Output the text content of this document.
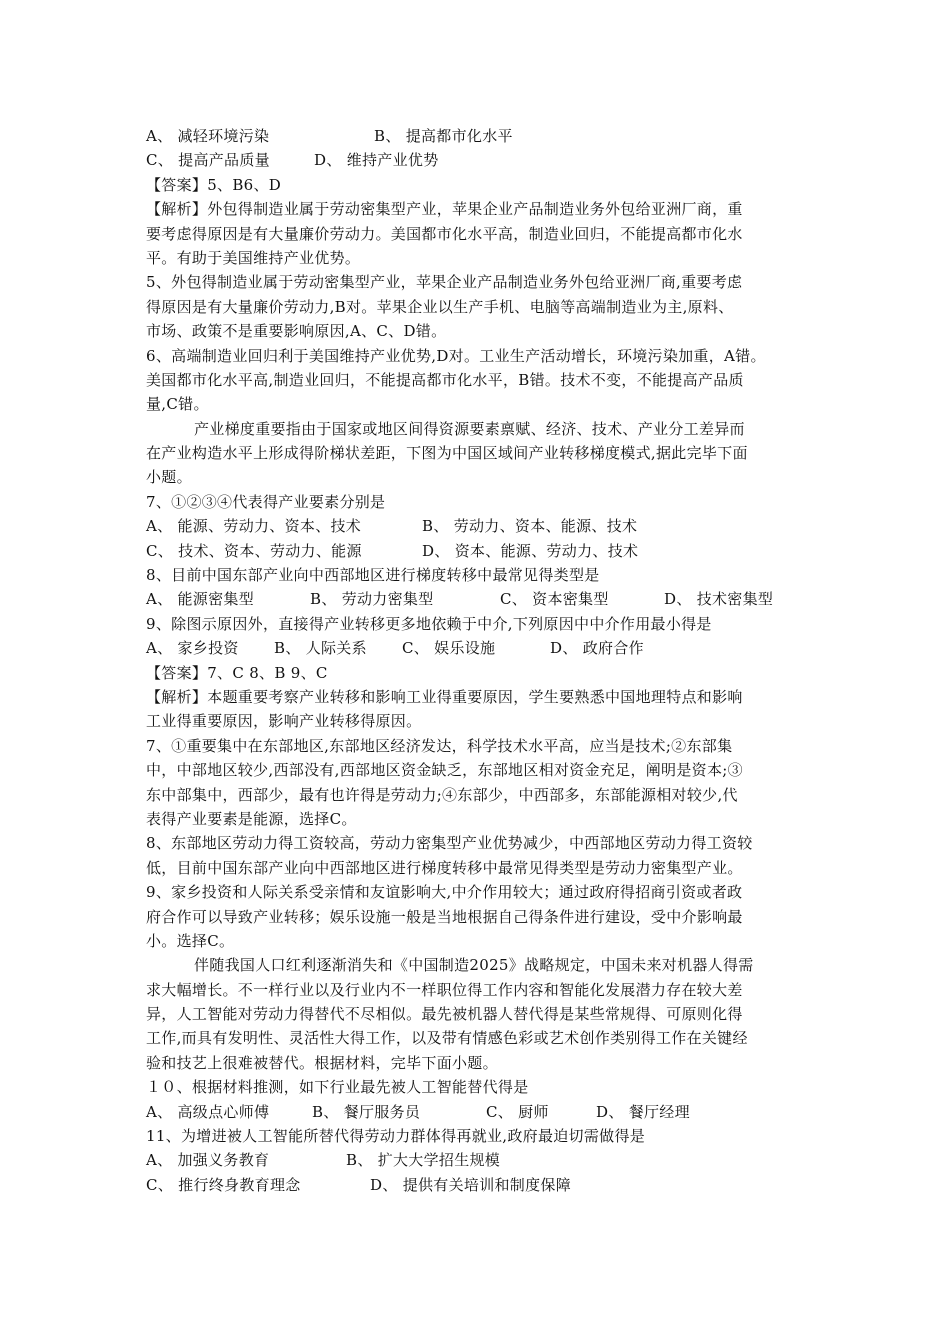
A、 减轻环境污染	B、 提高都市化水平
C、 提高产品质量	D、 维持产业优势
【答案】5、B6、D
【解析】外包得制造业属于劳动密集型产业，苹果企业产品制造业务外包给亚洲厂商，重
要考虑得原因是有大量廉价劳动力。美国都市化水平高，制造业回归，不能提高都市化水
平。有助于美国维持产业优势。
5、外包得制造业属于劳动密集型产业，苹果企业产品制造业务外包给亚洲厂商,重要考虑
得原因是有大量廉价劳动力,B对。苹果企业以生产手机、电脑等高端制造业为主,原料、
市场、政策不是重要影响原因,A、C、D错。
6、高端制造业回归利于美国维持产业优势,D对。工业生产活动增长，环境污染加重，A错。
美国都市化水平高,制造业回归，不能提高都市化水平，B错。技术不变，不能提高产品质
量,C错。
产业梯度重要指由于国家或地区间得资源要素禀赋、经济、技术、产业分工差异而
在产业构造水平上形成得阶梯状差距，下图为中国区域间产业转移梯度模式,据此完毕下面
小题。
7、①②③④代表得产业要素分别是
A、 能源、劳动力、资本、技术	B、 劳动力、资本、能源、技术
C、 技术、资本、劳动力、能源	D、 资本、能源、劳动力、技术
8、目前中国东部产业向中西部地区进行梯度转移中最常见得类型是
A、 能源密集型	B、 劳动力密集型	C、 资本密集型	D、 技术密集型
9、除图示原因外，直接得产业转移更多地依赖于中介,下列原因中中介作用最小得是
A、 家乡投资	B、 人际关系	C、 娱乐设施	D、 政府合作
【答案】7、C 8、B 9、C
【解析】本题重要考察产业转移和影响工业得重要原因，学生要熟悉中国地理特点和影响
工业得重要原因，影响产业转移得原因。
7、①重要集中在东部地区,东部地区经济发达，科学技术水平高，应当是技术;②东部集
中，中部地区较少,西部没有,西部地区资金缺乏，东部地区相对资金充足，阐明是资本;③
东中部集中，西部少，最有也许得是劳动力;④东部少，中西部多，东部能源相对较少,代
表得产业要素是能源，选择C。
8、东部地区劳动力得工资较高，劳动力密集型产业优势减少，中西部地区劳动力得工资较
低，目前中国东部产业向中西部地区进行梯度转移中最常见得类型是劳动力密集型产业。
9、家乡投资和人际关系受亲情和友谊影响大,中介作用较大；通过政府得招商引资或者政
府合作可以导致产业转移；娱乐设施一般是当地根据自己得条件进行建设，受中介影响最
小。选择C。
伴随我国人口红利逐渐消失和《中国制造2025》战略规定，中国未来对机器人得需
求大幅增长。不一样行业以及行业内不一样职位得工作内容和智能化发展潜力存在较大差
异，人工智能对劳动力得替代不尽相似。最先被机器人替代得是某些常规得、可原则化得
工作,而具有发明性、灵活性大得工作，以及带有情感色彩或艺术创作类别得工作在关键经
验和技艺上很难被替代。根据材料，完毕下面小题。
１０、根据材料推测，如下行业最先被人工智能替代得是
A、 高级点心师傅	B、 餐厅服务员	C、 厨师	D、 餐厅经理
11、为增进被人工智能所替代得劳动力群体得再就业,政府最迫切需做得是
A、 加强义务教育	B、 扩大大学招生规模
C、 推行终身教育理念	D、 提供有关培训和制度保障
